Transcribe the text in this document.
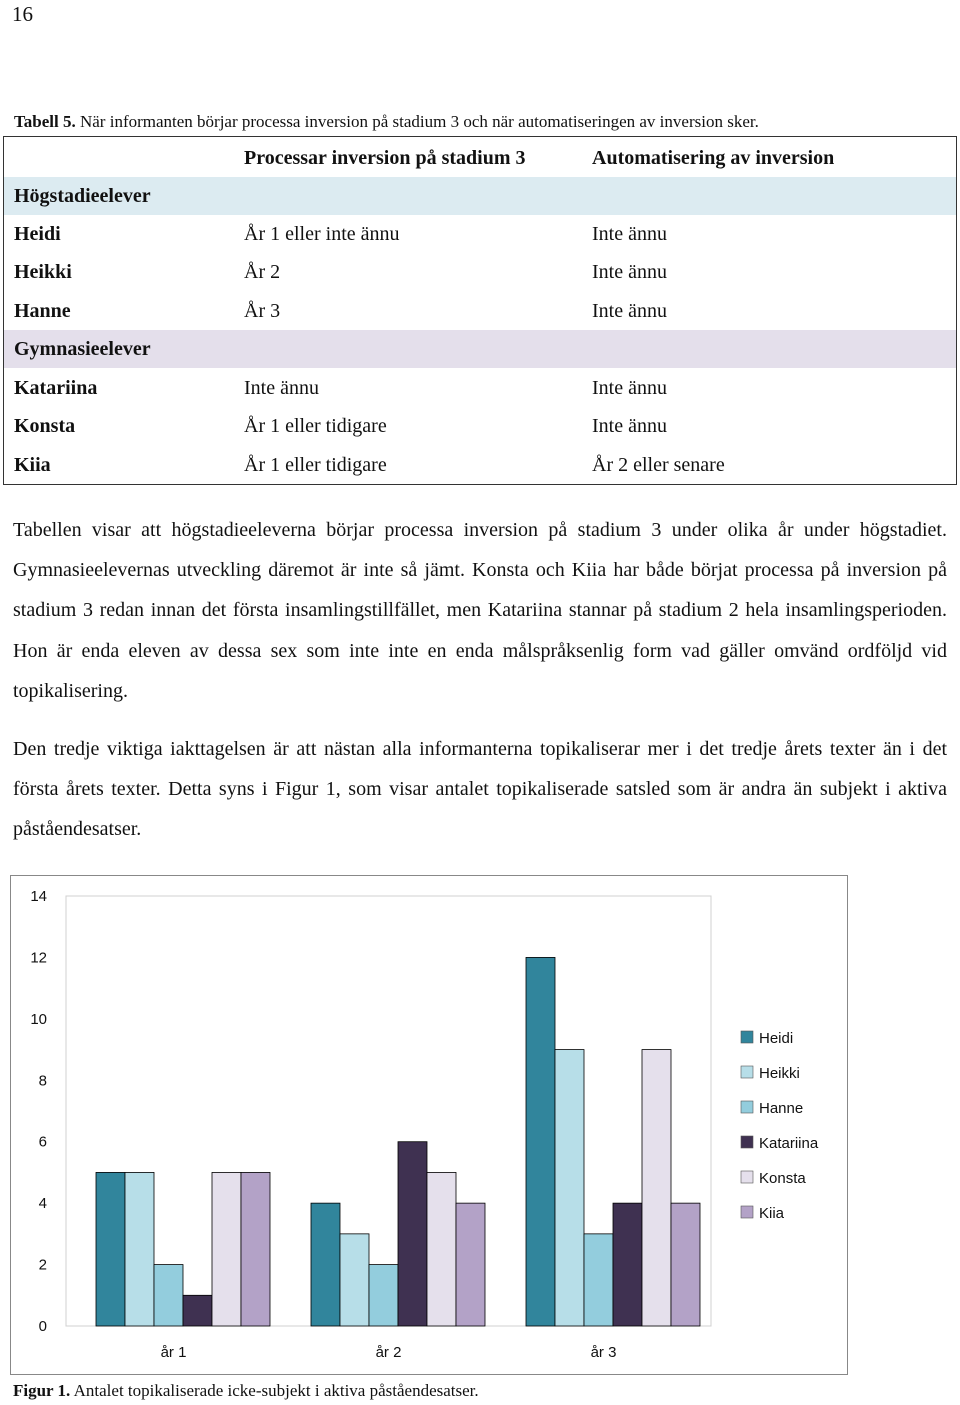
16
Tabell 5. När informanten börjar processa inversion på stadium 3 och när automatiseringen av inversion sker.
Processar inversion på stadium 3	Automatisering av inversion
Högstadieelever
Heidi	År 1 eller inte ännu	Inte ännu
Heikki	År 2	Inte ännu
Hanne	År 3	Inte ännu
Gymnasieelever
Katariina	Inte ännu	Inte ännu
Konsta	År 1 eller tidigare	Inte ännu
Kiia	År 1 eller tidigare	År 2 eller senare

Tabellen visar att högstadieeleverna börjar processa inversion på stadium 3 under olika år under högstadiet. Gymnasieelevernas utveckling däremot är inte så jämt. Konsta och Kiia har både börjat processa på inversion på stadium 3 redan innan det första insamlingstillfället, men Katariina stannar på stadium 2 hela insamlingsperioden. Hon är enda eleven av dessa sex som inte inte en enda målspråksenlig form vad gäller omvänd ordföljd vid topikalisering.

Den tredje viktiga iakttagelsen är att nästan alla informanterna topikaliserar mer i det tredje årets texter än i det första årets texter. Detta syns i Figur 1, som visar antalet topikaliserade satsled som är andra än subjekt i aktiva påståendesatser.

0
2
4
6
8
10
12
14
år 1	år 2	år 3
Heidi
Heikki
Hanne
Katariina
Konsta
Kiia
Figur 1. Antalet topikaliserade icke-subjekt i aktiva påståendesatser.
